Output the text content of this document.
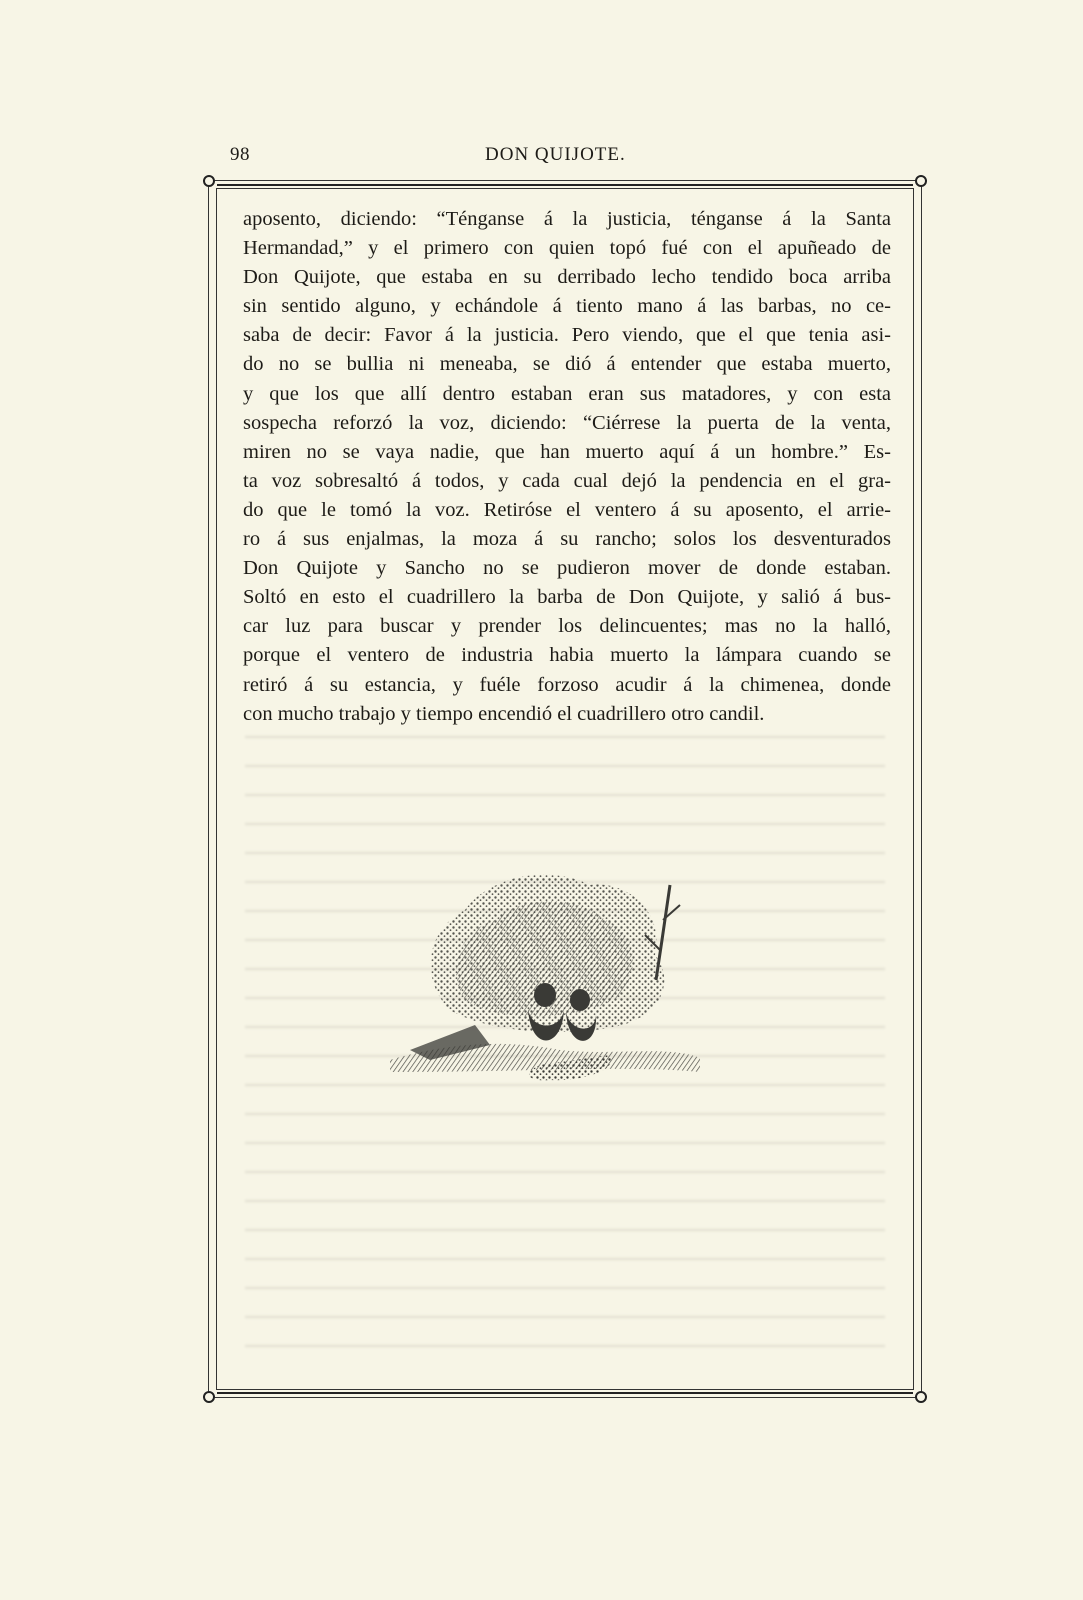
98	DON QUIJOTE.
aposento, diciendo: “Ténganse á la justicia, ténganse á la Santa
Hermandad,” y el primero con quien topó fué con el apuñeado de
Don Quijote, que estaba en su derribado lecho tendido boca arriba
sin sentido alguno, y echándole á tiento mano á las barbas, no ce-
saba de decir: Favor á la justicia. Pero viendo, que el que tenia asi-
do no se bullia ni meneaba, se dió á entender que estaba muerto,
y que los que allí dentro estaban eran sus matadores, y con esta
sospecha reforzó la voz, diciendo: “Ciérrese la puerta de la venta,
miren no se vaya nadie, que han muerto aquí á un hombre.” Es-
ta voz sobresaltó á todos, y cada cual dejó la pendencia en el gra-
do que le tomó la voz. Retiróse el ventero á su aposento, el arrie-
ro á sus enjalmas, la moza á su rancho; solos los desventurados
Don Quijote y Sancho no se pudieron mover de donde estaban.
Soltó en esto el cuadrillero la barba de Don Quijote, y salió á bus-
car luz para buscar y prender los delincuentes; mas no la halló,
porque el ventero de industria habia muerto la lámpara cuando se
retiró á su estancia, y fuéle forzoso acudir á la chimenea, donde
con mucho trabajo y tiempo encendió el cuadrillero otro candil.
